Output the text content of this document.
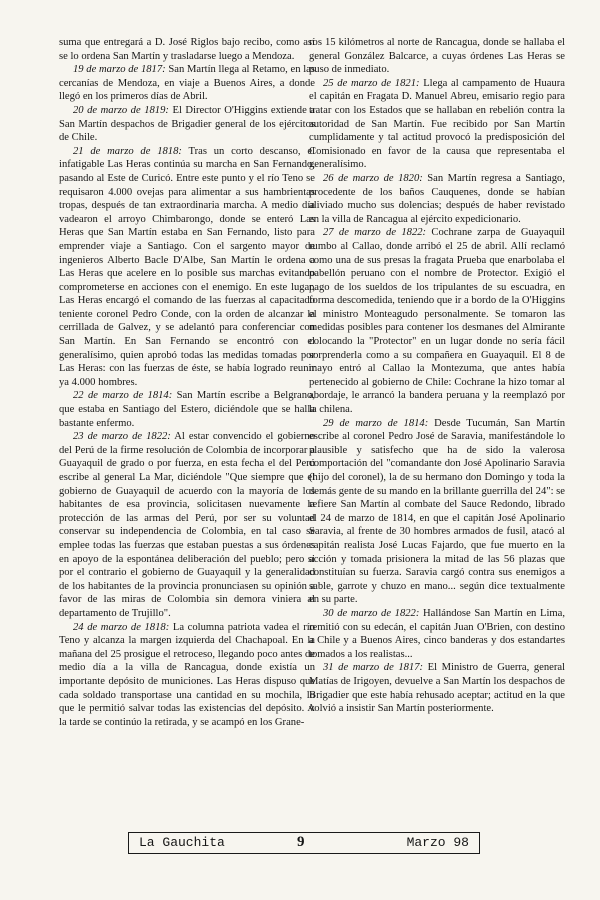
suma que entregará a D. José Riglos bajo recibo, como así se lo ordena San Martín y trasladarse luego a Mendoza.

19 de marzo de 1817: San Martín llega al Retamo, en las cercanías de Mendoza, en viaje a Buenos Aires, a donde llegó en los primeros días de Abril.

20 de marzo de 1819: El Director O'Higgins extiende a San Martín despachos de Brigadier general de los ejércitos de Chile.

21 de marzo de 1818: Tras un corto descanso, el infatigable Las Heras continúa su marcha en San Fernando, pasando al Este de Curicó. Entre este punto y el río Teno se requisaron 4.000 ovejas para alimentar a sus hambrientas tropas, después de tan extraordinaria marcha. A medio día vadearon el arroyo Chimbarongo, donde se enteró Las Heras que San Martín estaba en San Fernando, listo para emprender viaje a Santiago. Con el sargento mayor de ingenieros Alberto Bacle D'Albe, San Martín le ordena a Las Heras que acelere en lo posible sus marchas evitando comprometerse en acciones con el enemigo. En este lugar, Las Heras encargó el comando de las fuerzas al capacitado teniente coronel Pedro Conde, con la orden de alcanzar la cerrillada de Galvez, y se adelantó para conferenciar con San Martín. En San Fernando se encontró con el generalísimo, quien aprobó todas las medidas tomadas por Las Heras: con las fuerzas de éste, se había logrado reunir ya 4.000 hombres.

22 de marzo de 1814: San Martín escribe a Belgrano, que estaba en Santiago del Estero, diciéndole que se halla bastante enfermo.

23 de marzo de 1822: Al estar convencido el gobierno del Perú de la firme resolución de Colombia de incorporar a Guayaquil de grado o por fuerza, en esta fecha el del Perú escribe al general La Mar, diciéndole "Que siempre que el gobierno de Guayaquil de acuerdo con la mayoría de los habitantes de esa provincia, solicitasen nuevamente la protección de las armas del Perú, por ser su voluntad conservar su independencia de Colombia, en tal caso se emplee todas las fuerzas que estaban puestas a sus órdenes en apoyo de la espontánea deliberación del pueblo; pero si por el contrario el gobierno de Guayaquil y la generalidad de los habitantes de la provincia pronunciasen su opinión a favor de las miras de Colombia sin demora viniera al departamento de Trujillo".

24 de marzo de 1818: La columna patriota vadea el río Teno y alcanza la margen izquierda del Chachapoal. En la mañana del 25 prosigue el retroceso, llegando poco antes de medio día a la villa de Rancagua, donde existía un importante depósito de municiones. Las Heras dispuso que cada soldado transportase una cantidad en su mochila, lo que le permitió salvar todas las existencias del depósito. A la tarde se continúo la retirada, y se acampó en los Grane-

ros 15 kilómetros al norte de Rancagua, donde se hallaba el general González Balcarce, a cuyas órdenes Las Heras se puso de inmediato.

25 de marzo de 1821: Llega al campamento de Huaura el capitán en Fragata D. Manuel Abreu, emisario regio para tratar con los Estados que se hallaban en rebelión contra la autoridad de San Martín. Fue recibido por San Martín cumplidamente y tal actitud provocó la predisposición del Comisionado en favor de la causa que representaba el generalísimo.

26 de marzo de 1820: San Martín regresa a Santiago, procedente de los baños Cauquenes, donde se habían aliviado mucho sus dolencias; después de haber revistado en la villa de Rancagua al ejército expedicionario.

27 de marzo de 1822: Cochrane zarpa de Guayaquil rumbo al Callao, donde arribó el 25 de abril. Allí reclamó como una de sus presas la fragata Prueba que enarbolaba el pabellón peruano con el nombre de Protector. Exigió el pago de los sueldos de los tripulantes de su escuadra, en forma descomedida, teniendo que ir a bordo de la O'Higgins el ministro Monteagudo personalmente. Se tomaron las medidas posibles para contener los desmanes del Almirante colocando la "Protector" en un lugar donde no sería fácil sorprenderla como a su compañera en Guayaquil. El 8 de mayo entró al Callao la Montezuma, que antes había pertenecido al gobierno de Chile: Cochrane la hizo tomar al abordaje, le arrancó la bandera peruana y la reemplazó por la chilena.

29 de marzo de 1814: Desde Tucumán, San Martín escribe al coronel Pedro José de Saravia, manifestándole lo plausible y satisfecho que ha de sido la valerosa comportación del "comandante don José Apolinario Saravia (hijo del coronel), la de su hermano don Domingo y toda la demás gente de su mando en la brillante guerrilla del 24": se refiere San Martín al combate del Sauce Redondo, librado el 24 de marzo de 1814, en que el capitán José Apolinario Saravia, al frente de 30 hombres armados de fusil, atacó al capitán realista José Lucas Fajardo, que fue muerto en la acción y tomada prisionera la mitad de las 56 plazas que constituían su fuerza. Saravia cargó contra sus enemigos a sable, garrote y chuzo en mano... según dice textualmente en su parte.

30 de marzo de 1822: Hallándose San Martín en Lima, remitió con su edecán, el capitán Juan O'Brien, con destino a Chile y a Buenos Aires, cinco banderas y dos estandartes tomados a los realistas...

31 de marzo de 1817: El Ministro de Guerra, general Matías de Irigoyen, devuelve a San Martín los despachos de Brigadier que este había rehusado aceptar; actitud en la que volvió a insistir San Martín posteriormente.

La Gauchita	9	Marzo 98
